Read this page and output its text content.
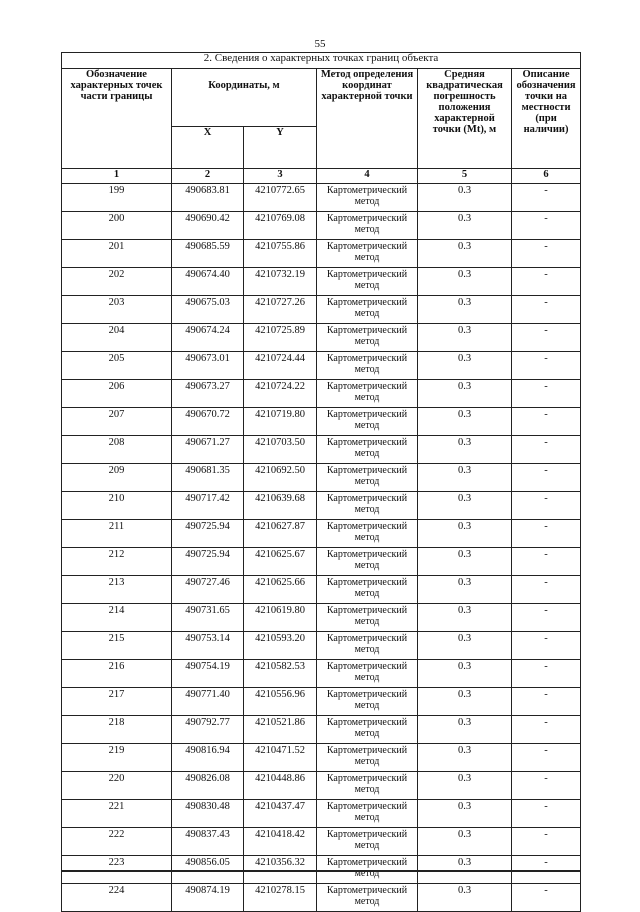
55
2. Сведения о характерных точках границ объекта					
Обозначение характерных точек части границы	Координаты, м		Метод определения координат характерной точки	Средняя квадратическая погрешность положения характерной точки (Mt), м	Описание обозначения точки на местности (при наличии)
	X	Y			
1	2	3	4	5	6
199	490683.81	4210772.65	Картометрический метод	0.3	-
200	490690.42	4210769.08	Картометрический метод	0.3	-
201	490685.59	4210755.86	Картометрический метод	0.3	-
202	490674.40	4210732.19	Картометрический метод	0.3	-
203	490675.03	4210727.26	Картометрический метод	0.3	-
204	490674.24	4210725.89	Картометрический метод	0.3	-
205	490673.01	4210724.44	Картометрический метод	0.3	-
206	490673.27	4210724.22	Картометрический метод	0.3	-
207	490670.72	4210719.80	Картометрический метод	0.3	-
208	490671.27	4210703.50	Картометрический метод	0.3	-
209	490681.35	4210692.50	Картометрический метод	0.3	-
210	490717.42	4210639.68	Картометрический метод	0.3	-
211	490725.94	4210627.87	Картометрический метод	0.3	-
212	490725.94	4210625.67	Картометрический метод	0.3	-
213	490727.46	4210625.66	Картометрический метод	0.3	-
214	490731.65	4210619.80	Картометрический метод	0.3	-
215	490753.14	4210593.20	Картометрический метод	0.3	-
216	490754.19	4210582.53	Картометрический метод	0.3	-
217	490771.40	4210556.96	Картометрический метод	0.3	-
218	490792.77	4210521.86	Картометрический метод	0.3	-
219	490816.94	4210471.52	Картометрический метод	0.3	-
220	490826.08	4210448.86	Картометрический метод	0.3	-
221	490830.48	4210437.47	Картометрический метод	0.3	-
222	490837.43	4210418.42	Картометрический метод	0.3	-
223	490856.05	4210356.32	Картометрический метод	0.3	-
224	490874.19	4210278.15	Картометрический метод	0.3	-
